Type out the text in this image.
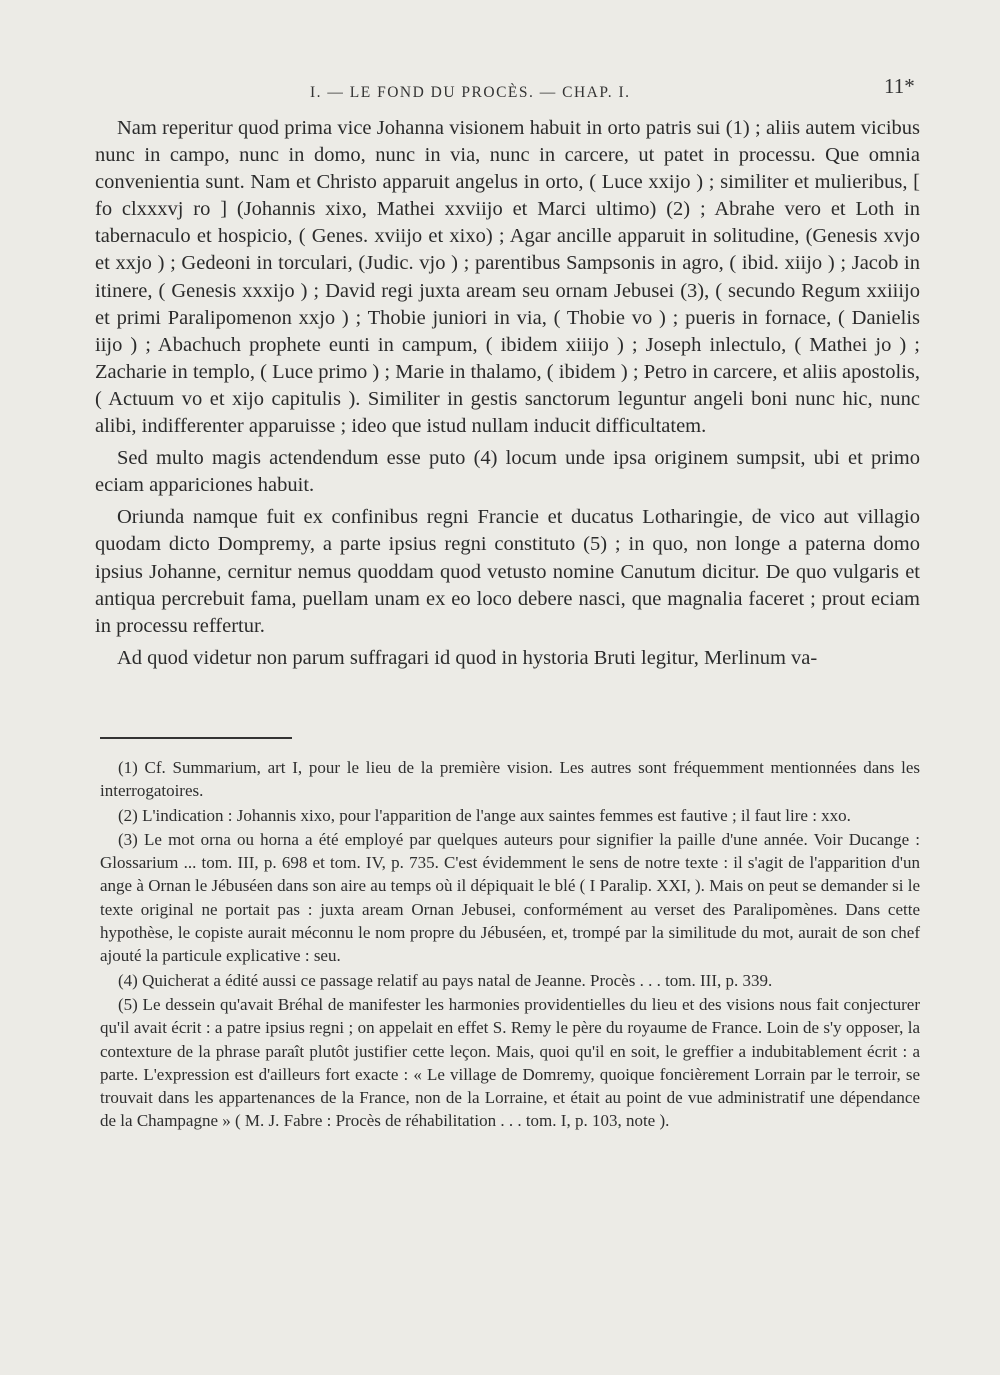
I. — LE FOND DU PROCÈS. — CHAP. I.	11*

Nam reperitur quod prima vice Johanna visionem habuit in orto patris sui (1) ; aliis autem vicibus nunc in campo, nunc in domo, nunc in via, nunc in carcere, ut patet in processu. Que omnia convenientia sunt. Nam et Christo apparuit angelus in orto, ( Luce xxijo ) ; similiter et mulieribus, [ fo clxxxvj ro ] (Johannis xixo, Mathei xxviijo et Marci ultimo) (2) ; Abrahe vero et Loth in tabernaculo et hospicio, ( Genes. xviijo et xixo) ; Agar ancille apparuit in solitudine, (Genesis xvjo et xxjo ) ; Gedeoni in torculari, (Judic. vjo ) ; parentibus Sampsonis in agro, ( ibid. xiijo ) ; Jacob in itinere, ( Genesis xxxijo ) ; David regi juxta aream seu ornam Jebusei (3), ( secundo Regum xxiiijo et primi Paralipomenon xxjo ) ; Thobie juniori in via, ( Thobie vo ) ; pueris in fornace, ( Danielis iijo ) ; Abachuch prophete eunti in campum, ( ibidem xiiijo ) ; Joseph inlectulo, ( Mathei jo ) ; Zacharie in templo, ( Luce primo ) ; Marie in thalamo, ( ibidem ) ; Petro in carcere, et aliis apostolis, ( Actuum vo et xijo capitulis ). Similiter in gestis sanctorum leguntur angeli boni nunc hic, nunc alibi, indifferenter apparuisse ; ideo que istud nullam inducit difficultatem.

Sed multo magis actendendum esse puto (4) locum unde ipsa originem sumpsit, ubi et primo eciam appariciones habuit.

Oriunda namque fuit ex confinibus regni Francie et ducatus Lotharingie, de vico aut villagio quodam dicto Dompremy, a parte ipsius regni constituto (5) ; in quo, non longe a paterna domo ipsius Johanne, cernitur nemus quoddam quod vetusto nomine Canutum dicitur. De quo vulgaris et antiqua percrebuit fama, puellam unam ex eo loco debere nasci, que magnalia faceret ; prout eciam in processu reffertur.

Ad quod videtur non parum suffragari id quod in hystoria Bruti legitur, Merlinum va-

(1) Cf. Summarium, art I, pour le lieu de la première vision. Les autres sont fréquemment mentionnées dans les interrogatoires.

(2) L'indication : Johannis xixo, pour l'apparition de l'ange aux saintes femmes est fautive ; il faut lire : xxo.

(3) Le mot orna ou horna a été employé par quelques auteurs pour signifier la paille d'une année. Voir Ducange : Glossarium ... tom. III, p. 698 et tom. IV, p. 735. C'est évidemment le sens de notre texte : il s'agit de l'apparition d'un ange à Ornan le Jébuséen dans son aire au temps où il dépiquait le blé ( I Paralip. XXI, ). Mais on peut se demander si le texte original ne portait pas : juxta aream Ornan Jebusei, conformément au verset des Paralipomènes. Dans cette hypothèse, le copiste aurait méconnu le nom propre du Jébuséen, et, trompé par la similitude du mot, aurait de son chef ajouté la particule explicative : seu.

(4) Quicherat a édité aussi ce passage relatif au pays natal de Jeanne. Procès . . . tom. III, p. 339.

(5) Le dessein qu'avait Bréhal de manifester les harmonies providentielles du lieu et des visions nous fait conjecturer qu'il avait écrit : a patre ipsius regni ; on appelait en effet S. Remy le père du royaume de France. Loin de s'y opposer, la contexture de la phrase paraît plutôt justifier cette leçon. Mais, quoi qu'il en soit, le greffier a indubitablement écrit : a parte. L'expression est d'ailleurs fort exacte : « Le village de Domremy, quoique foncièrement Lorrain par le terroir, se trouvait dans les appartenances de la France, non de la Lorraine, et était au point de vue administratif une dépendance de la Champagne » ( M. J. Fabre : Procès de réhabilitation . . . tom. I, p. 103, note ).
